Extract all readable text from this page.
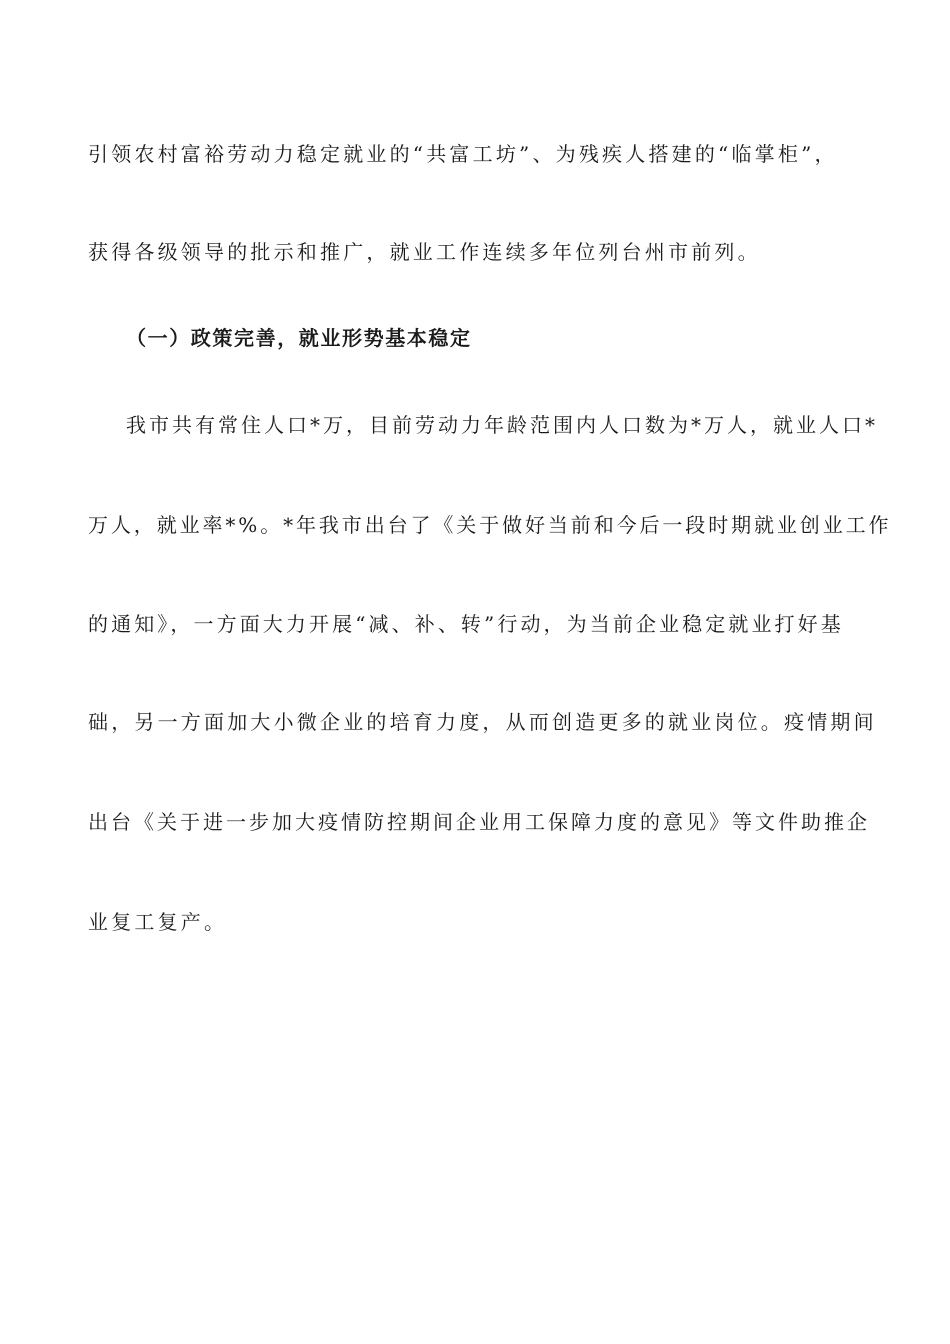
引领农村富裕劳动力稳定就业的“共富工坊”、为残疾人搭建的“临掌柜”，
获得各级领导的批示和推广，就业工作连续多年位列台州市前列。
（一）政策完善，就业形势基本稳定
我市共有常住人口*万，目前劳动力年龄范围内人口数为*万人，就业人口*
万人，就业率*%。*年我市出台了《关于做好当前和今后一段时期就业创业工作
的通知》，一方面大力开展“减、补、转”行动，为当前企业稳定就业打好基
础，另一方面加大小微企业的培育力度，从而创造更多的就业岗位。疫情期间
出台《关于进一步加大疫情防控期间企业用工保障力度的意见》等文件助推企
业复工复产。
